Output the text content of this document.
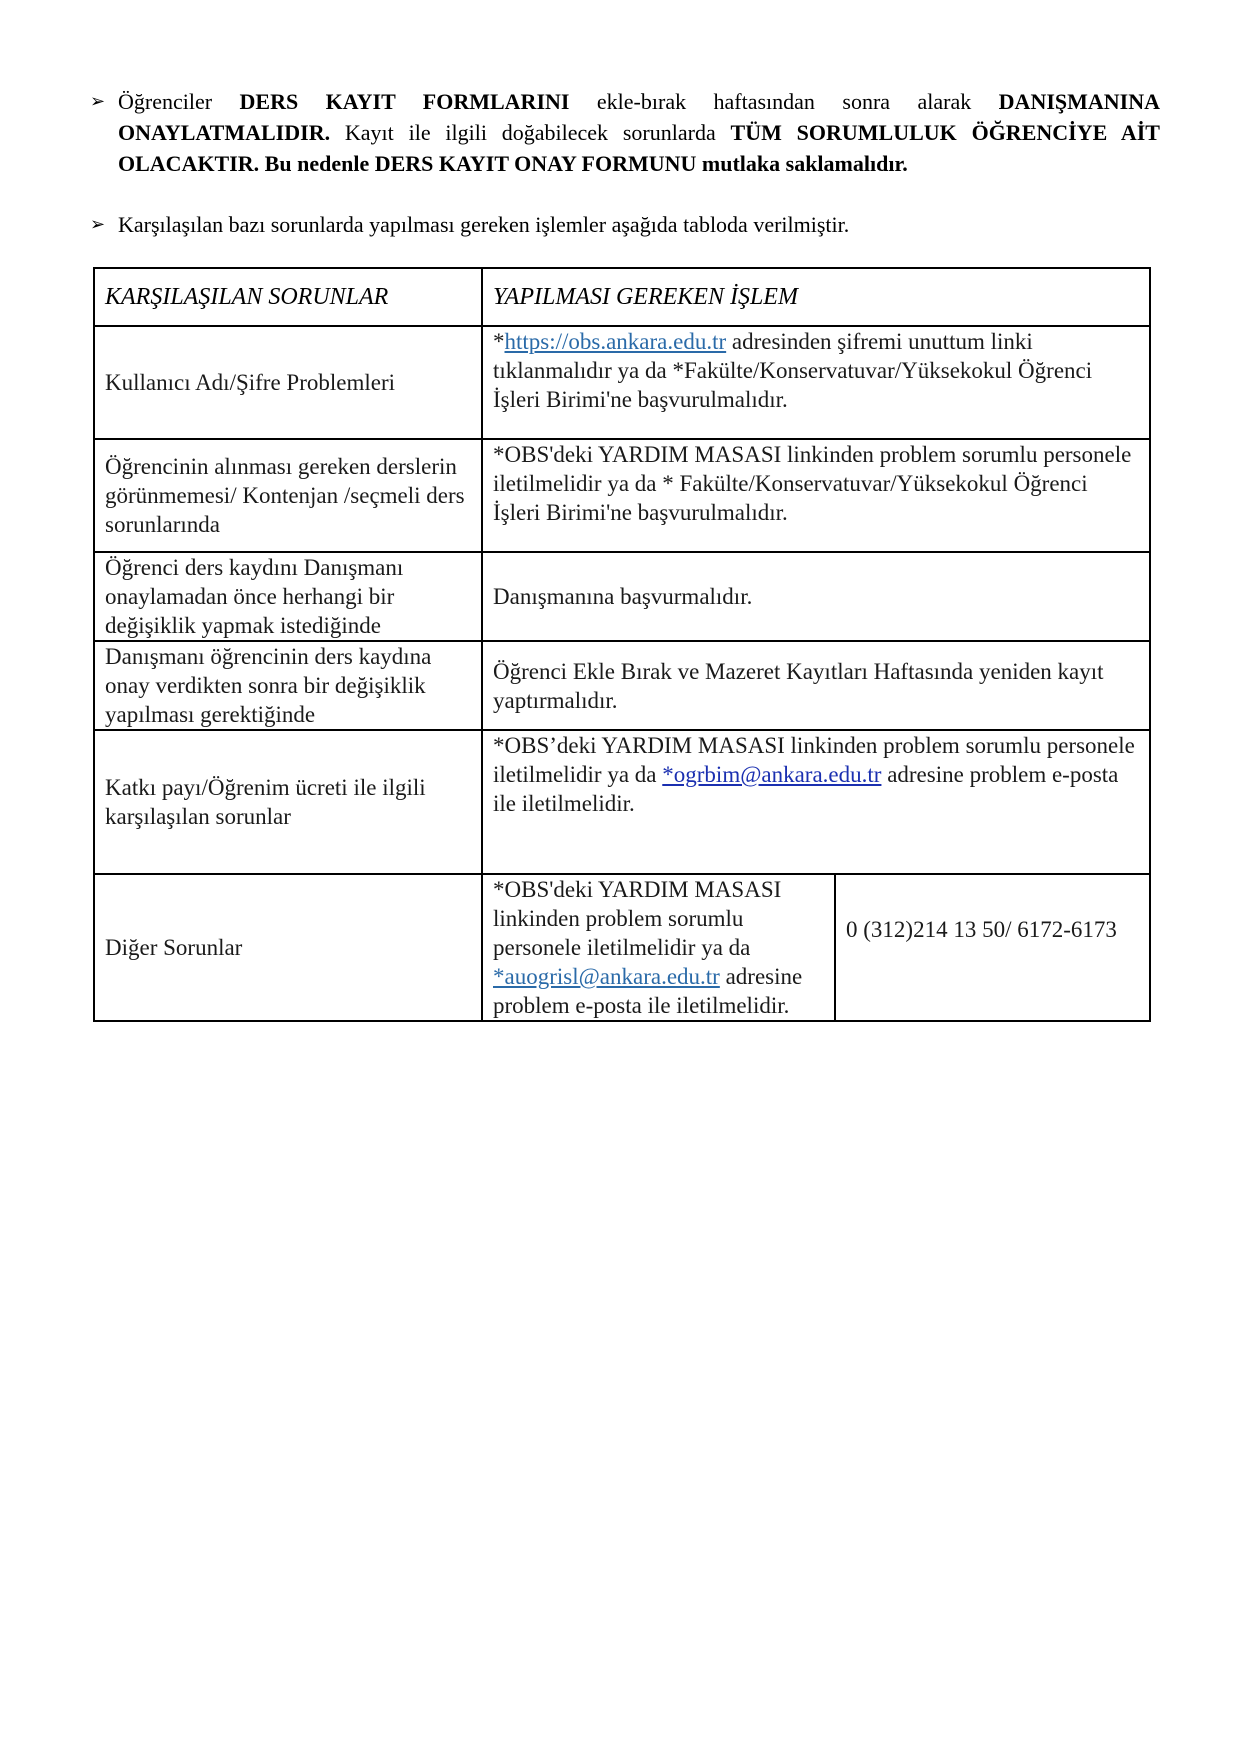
➢ Öğrenciler DERS KAYIT FORMLARINI ekle-bırak haftasından sonra alarak DANIŞMANINA ONAYLATMALIDIR. Kayıt ile ilgili doğabilecek sorunlarda TÜM SORUMLULUK ÖĞRENCİYE AİT OLACAKTIR. Bu nedenle DERS KAYIT ONAY FORMUNU mutlaka saklamalıdır.
➢ Karşılaşılan bazı sorunlarda yapılması gereken işlemler aşağıda tabloda verilmiştir.
KARŞILAŞILAN SORUNLAR	YAPILMASI GEREKEN İŞLEM	
Kullanıcı Adı/Şifre Problemleri	*https://obs.ankara.edu.tr adresinden şifremi unuttum linki tıklanmalıdır ya da *Fakülte/Konservatuvar/Yüksekokul Öğrenci İşleri Birimi'ne başvurulmalıdır.	
Öğrencinin alınması gereken derslerin görünmemesi/ Kontenjan /seçmeli ders sorunlarında	*OBS'deki YARDIM MASASI linkinden problem sorumlu personele iletilmelidir ya da * Fakülte/Konservatuvar/Yüksekokul Öğrenci İşleri Birimi'ne başvurulmalıdır.	
Öğrenci ders kaydını Danışmanı onaylamadan önce herhangi bir değişiklik yapmak istediğinde	Danışmanına başvurmalıdır.	
Danışmanı öğrencinin ders kaydına onay verdikten sonra bir değişiklik yapılması gerektiğinde	Öğrenci Ekle Bırak ve Mazeret Kayıtları Haftasında yeniden kayıt yaptırmalıdır.	
Katkı payı/Öğrenim ücreti ile ilgili karşılaşılan sorunlar	*OBS’deki YARDIM MASASI linkinden problem sorumlu personele iletilmelidir ya da *ogrbim@ankara.edu.tr adresine problem e-posta ile iletilmelidir.	
Diğer Sorunlar	*OBS'deki YARDIM MASASI linkinden problem sorumlu personele iletilmelidir ya da *auogrisl@ankara.edu.tr adresine problem e-posta ile iletilmelidir.	0 (312)214 13 50/ 6172-6173
